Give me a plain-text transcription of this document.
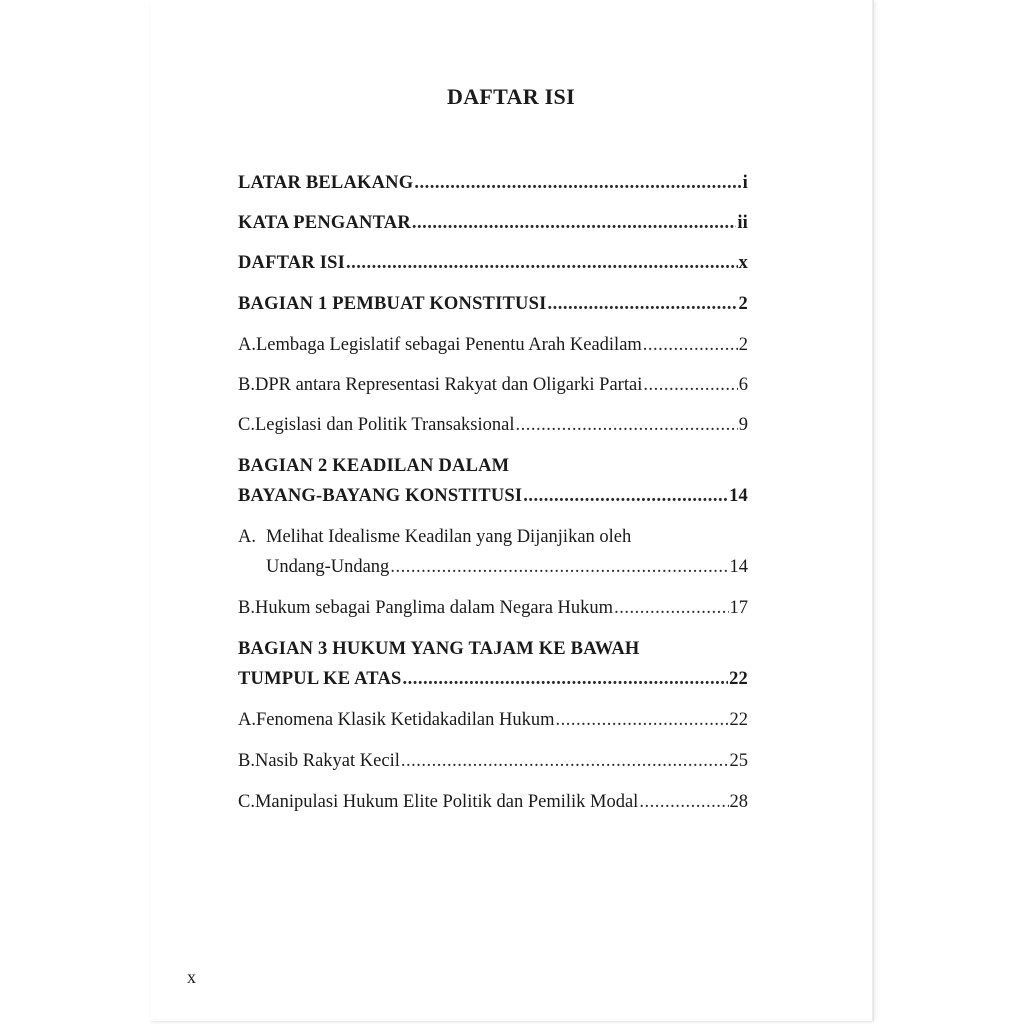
DAFTAR ISI
LATAR BELAKANG .....	i
KATA PENGANTAR .....	ii
DAFTAR ISI .....	x
BAGIAN 1 PEMBUAT KONSTITUSI .....	2
A. Lembaga Legislatif sebagai Penentu Arah Keadilam .....	2
B. DPR antara Representasi Rakyat dan Oligarki Partai .....	6
C. Legislasi dan Politik Transaksional .....	9
BAGIAN 2 KEADILAN DALAM
BAYANG-BAYANG KONSTITUSI .....	14
A. Melihat Idealisme Keadilan yang Dijanjikan oleh
Undang-Undang .....	14
B. Hukum sebagai Panglima dalam Negara Hukum .....	17
BAGIAN 3 HUKUM YANG TAJAM KE BAWAH
TUMPUL KE ATAS .....	22
A. Fenomena Klasik Ketidakadilan Hukum .....	22
B. Nasib Rakyat Kecil .....	25
C. Manipulasi Hukum Elite Politik dan Pemilik Modal .....	28
x
